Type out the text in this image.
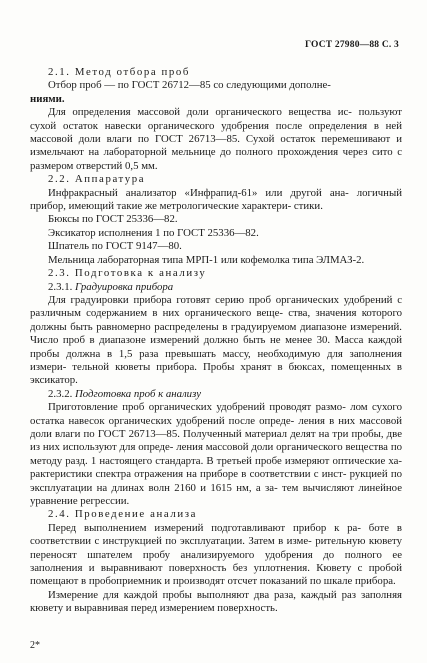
ГОСТ 27980—88 С. 3

2.1. Метод отбора проб

Отбор проб — по ГОСТ 26712—85 со следующими дополне-
ниями.

Для определения массовой доли органического вещества ис- пользуют сухой остаток навески органического удобрения после определения в ней массовой доли влаги по ГОСТ 26713—85. Сухой остаток перемешивают и измельчают на лабораторной мельнице до полного прохождения через сито с размером отверстий 0,5 мм.

2.2. Аппаратура

Инфракрасный анализатор «Инфрапид-61» или другой ана- логичный прибор, имеющий такие же метрологические характери- стики.

Бюксы по ГОСТ 25336—82.

Эксикатор исполнения 1 по ГОСТ 25336—82.

Шпатель по ГОСТ 9147—80.

Мельница лабораторная типа МРП-1 или кофемолка типа ЭЛМАЗ-2.

2.3. Подготовка к анализу

2.3.1. Градуировка прибора

Для градуировки прибора готовят серию проб органических удобрений с различным содержанием в них органического веще- ства, значения которого должны быть равномерно распределены в градуируемом диапазоне измерений. Число проб в диапазоне измерений должно быть не менее 30. Масса каждой пробы должна в 1,5 раза превышать массу, необходимую для заполнения измери- тельной кюветы прибора. Пробы хранят в бюксах, помещенных в эксикатор.

2.3.2. Подготовка проб к анализу

Приготовление проб органических удобрений проводят размо- лом сухого остатка навесок органических удобрений после опреде- ления в них массовой доли влаги по ГОСТ 26713—85. Полученный материал делят на три пробы, две из них используют для опреде- ления массовой доли органического вещества по методу разд. 1 настоящего стандарта. В третьей пробе измеряют оптические ха- рактеристики спектра отражения на приборе в соответствии с инст- рукцией по эксплуатации на длинах волн 2160 и 1615 нм, а за- тем вычисляют линейное уравнение регрессии.

2.4. Проведение анализа

Перед выполнением измерений подготавливают прибор к ра- боте в соответствии с инструкцией по эксплуатации. Затем в изме- рительную кювету переносят шпателем пробу анализируемого удобрения до полного ее заполнения и выравнивают поверхность без уплотнения. Кювету с пробой помещают в пробоприемник и производят отсчет показаний по шкале прибора.

Измерение для каждой пробы выполняют два раза, каждый раз заполняя кювету и выравнивая перед измерением поверхность.

2*
